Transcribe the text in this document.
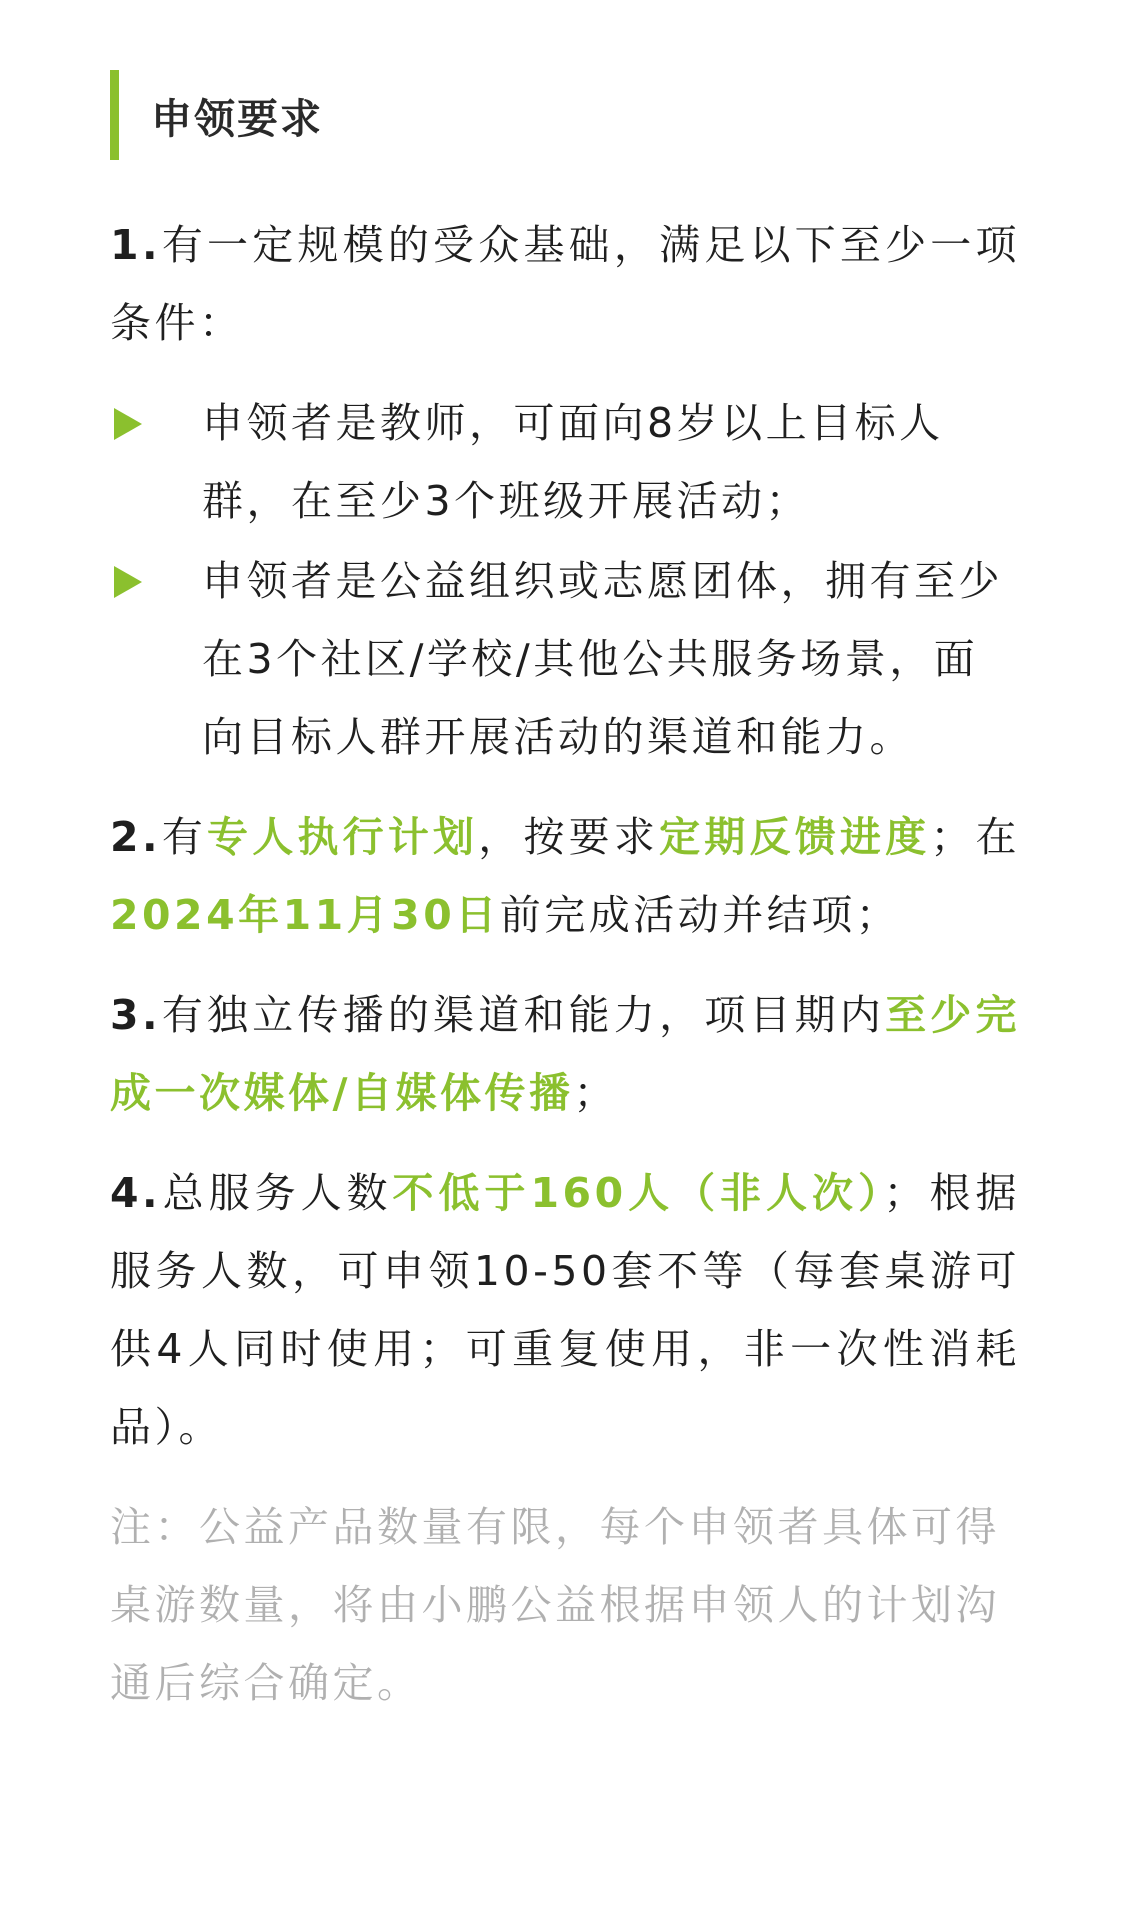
申领要求

1.有一定规模的受众基础，满足以下至少一项条件：

申领者是教师，可面向8岁以上目标人群，在至少3个班级开展活动；
申领者是公益组织或志愿团体，拥有至少在3个社区/学校/其他公共服务场景，面向目标人群开展活动的渠道和能力。

2.有专人执行计划，按要求定期反馈进度；在2024年11月30日前完成活动并结项；

3.有独立传播的渠道和能力，项目期内至少完成一次媒体/自媒体传播；

4.总服务人数不低于160人（非人次）；根据服务人数，可申领10-50套不等（每套桌游可供4人同时使用；可重复使用，非一次性消耗品）。

注：公益产品数量有限，每个申领者具体可得桌游数量，将由小鹏公益根据申领人的计划沟通后综合确定。
